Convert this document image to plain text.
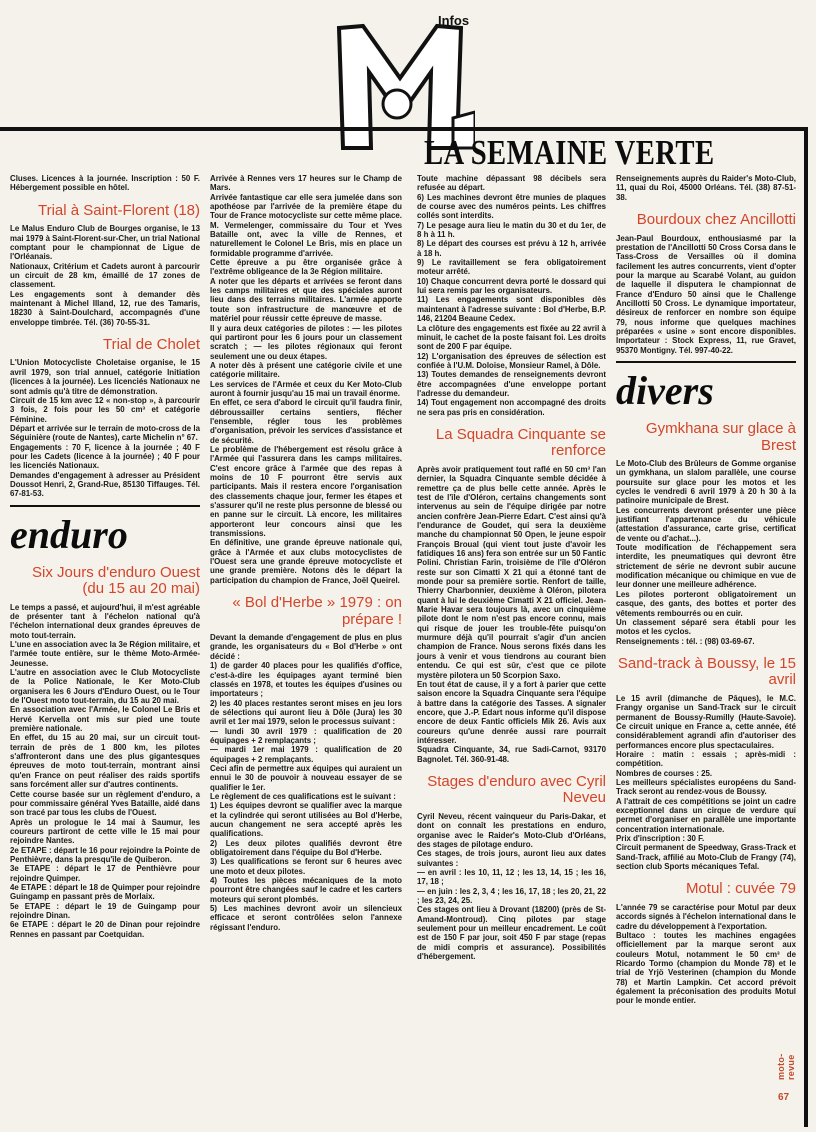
Infos
LA SEMAINE VERTE

Cluses. Licences à la journée. Inscription : 50 F. Hébergement possible en hôtel.

Trial à Saint-Florent (18)

Le Malus Enduro Club de Bourges organise, le 13 mai 1979 à Saint-Florent-sur-Cher, un trial National comptant pour le championnat de Ligue de l'Orléanais.

Nationaux, Critérium et Cadets auront à parcourir un circuit de 28 km, émaillé de 17 zones de classement.

Les engagements sont à demander dès maintenant à Michel Illand, 12, rue des Tamaris, 18230 à Saint-Doulchard, accompagnés d'une enveloppe timbrée. Tél. (36) 70-55-31.

Trial de Cholet

L'Union Motocycliste Choletaise organise, le 15 avril 1979, son trial annuel, catégorie Initiation (licences à la journée). Les licenciés Nationaux ne sont admis qu'à titre de démonstration.

Circuit de 15 km avec 12 « non-stop », à parcourir 3 fois, 2 fois pour les 50 cm³ et catégorie Féminine.

Départ et arrivée sur le terrain de moto-cross de la Séguinière (route de Nantes), carte Michelin n° 67.

Engagements : 70 F, licence à la journée ; 40 F pour les Cadets (licence à la journée) ; 40 F pour les licenciés Nationaux.

Demandes d'engagement à adresser au Président Doussot Henri, 2, Grand-Rue, 85130 Tiffauges. Tél. 67-81-53.

enduro
Six Jours d'enduro Ouest (du 15 au 20 mai)

Le temps a passé, et aujourd'hui, il m'est agréable de présenter tant à l'échelon national qu'à l'échelon international deux grandes épreuves de moto tout-terrain.

L'une en association avec la 3e Région militaire, et l'armée toute entière, sur le thème Moto-Armée-Jeunesse.

L'autre en association avec le Club Motocycliste de la Police Nationale, le Ker Moto-Club organisera les 6 Jours d'Enduro Ouest, ou le Tour de l'Ouest moto tout-terrain, du 15 au 20 mai.

En association avec l'Armée, le Colonel Le Bris et Hervé Kervella ont mis sur pied une toute première nationale.

En effet, du 15 au 20 mai, sur un circuit tout-terrain de près de 1 800 km, les pilotes s'affronteront dans une des plus gigantesques épreuves de moto tout-terrain, montrant ainsi qu'en France on peut réaliser des raids sportifs sans forcément aller sur d'autres continents.

Cette course basée sur un règlement d'enduro, a pour commissaire général Yves Bataille, aidé dans son tracé par tous les clubs de l'Ouest.

Après un prologue le 14 mai à Saumur, les coureurs partiront de cette ville le 15 mai pour rejoindre Nantes.

2e ETAPE : départ le 16 pour rejoindre la Pointe de Penthièvre, dans la presqu'île de Quiberon.

3e ETAPE : départ le 17 de Penthièvre pour rejoindre Quimper.

4e ETAPE : départ le 18 de Quimper pour rejoindre Guingamp en passant près de Morlaix.

5e ETAPE : départ le 19 de Guingamp pour rejoindre Dinan.

6e ETAPE : départ le 20 de Dinan pour rejoindre Rennes en passant par Coetquidan.

Arrivée à Rennes vers 17 heures sur le Champ de Mars.

Arrivée fantastique car elle sera jumelée dans son apothéose par l'arrivée de la première étape du Tour de France motocycliste sur cette même place. M. Vermelenger, commissaire du Tour et Yves Bataille ont, avec la ville de Rennes, et naturellement le Colonel Le Bris, mis en place un formidable programme d'arrivée.

Cette épreuve a pu être organisée grâce à l'extrême obligeance de la 3e Région militaire.

A noter que les départs et arrivées se feront dans les camps militaires et que des spéciales auront lieu dans des terrains militaires. L'armée apporte toute son infrastructure de manœuvre et de matériel pour réussir cette épreuve de masse.

Il y aura deux catégories de pilotes : — les pilotes qui partiront pour les 6 jours pour un classement scratch ; — les pilotes régionaux qui feront seulement une ou deux étapes.

A noter dès à présent une catégorie civile et une catégorie militaire.

Les services de l'Armée et ceux du Ker Moto-Club auront à fournir jusqu'au 15 mai un travail énorme.

En effet, ce sera d'abord le circuit qu'il faudra finir, débroussailler certains sentiers, flécher l'ensemble, régler tous les problèmes d'organisation, prévoir les services d'assistance et de sécurité.

Le problème de l'hébergement est résolu grâce à l'Armée qui l'assurera dans les camps militaires. C'est encore grâce à l'armée que des repas à moins de 10 F pourront être servis aux participants. Mais il restera encore l'organisation des classements chaque jour, fermer les étapes et s'assurer qu'il ne reste plus personne de blessé ou en panne sur le circuit. Là encore, les militaires apporteront leur concours ainsi que les transmissions.

En définitive, une grande épreuve nationale qui, grâce à l'Armée et aux clubs motocyclistes de l'Ouest sera une grande épreuve motocycliste et une grande première. Notons dès le départ la participation du champion de France, Joël Queirel.

« Bol d'Herbe » 1979 : on prépare !

Devant la demande d'engagement de plus en plus grande, les organisateurs du « Bol d'Herbe » ont décidé :

1) de garder 40 places pour les qualifiés d'office, c'est-à-dire les équipages ayant terminé bien classés en 1978, et toutes les équipes d'usines ou importateurs ;

2) les 40 places restantes seront mises en jeu lors de sélections qui auront lieu à Dôle (Jura) les 30 avril et 1er mai 1979, selon le processus suivant :

— lundi 30 avril 1979 : qualification de 20 équipages + 2 remplaçants ;

— mardi 1er mai 1979 : qualification de 20 équipages + 2 remplaçants.

Ceci afin de permettre aux équipes qui auraient un ennui le 30 de pouvoir à nouveau essayer de se qualifier le 1er.

Le règlement de ces qualifications est le suivant :

1) Les équipes devront se qualifier avec la marque et la cylindrée qui seront utilisées au Bol d'Herbe, aucun changement ne sera accepté après les qualifications.

2) Les deux pilotes qualifiés devront être obligatoirement dans l'équipe du Bol d'Herbe.

3) Les qualifications se feront sur 6 heures avec une moto et deux pilotes.

4) Toutes les pièces mécaniques de la moto pourront être changées sauf le cadre et les carters moteurs qui seront plombés.

5) Les machines devront avoir un silencieux efficace et seront contrôlées selon l'annexe régissant l'enduro.

Toute machine dépassant 98 décibels sera refusée au départ.

6) Les machines devront être munies de plaques de course avec des numéros peints. Les chiffres collés sont interdits.

7) Le pesage aura lieu le matin du 30 et du 1er, de 8 h à 11 h.

8) Le départ des courses est prévu à 12 h, arrivée à 18 h.

9) Le ravitaillement se fera obligatoirement moteur arrêté.

10) Chaque concurrent devra porté le dossard qui lui sera remis par les organisateurs.

11) Les engagements sont disponibles dès maintenant à l'adresse suivante : Bol d'Herbe, B.P. 146, 21204 Beaune Cedex.

La clôture des engagements est fixée au 22 avril à minuit, le cachet de la poste faisant foi. Les droits sont de 200 F par équipe.

12) L'organisation des épreuves de sélection est confiée à l'U.M. Doloise, Monsieur Ramel, à Dôle.

13) Toutes demandes de renseignements devront être accompagnées d'une enveloppe portant l'adresse du demandeur.

14) Tout engagement non accompagné des droits ne sera pas pris en considération.

La Squadra Cinquante se renforce

Après avoir pratiquement tout raflé en 50 cm³ l'an dernier, la Squadra Cinquante semble décidée à remettre ça de plus belle cette année. Après le test de l'île d'Oléron, certains changements sont intervenus au sein de l'équipe dirigée par notre ancien confrère Jean-Pierre Edart. C'est ainsi qu'à l'endurance de Goudet, qui sera la deuxième manche du championnat 50 Open, le jeune espoir François Broual (qui vient tout juste d'avoir les fatidiques 16 ans) fera son entrée sur un 50 Fantic Polini. Christian Farin, troisième de l'île d'Oléron reste sur son Cimatti X 21 qui a étonné tant de monde pour sa première sortie. Renfort de taille, Thierry Charbonnier, deuxième à Oléron, pilotera quant à lui le deuxième Cimatti X 21 officiel. Jean-Marie Havar sera toujours là, avec un cinquième pilote dont le nom n'est pas encore connu, mais qui risque de jouer les trouble-fête puisqu'on murmure déjà qu'il pourrait s'agir d'un ancien champion de France. Nous serons fixés dans les jours à venir et vous tiendrons au courant bien entendu. Ce qui est sûr, c'est que ce pilote mystère pilotera un 50 Scorpion Saxo.

En tout état de cause, il y a fort à parier que cette saison encore la Squadra Cinquante sera l'équipe à battre dans la catégorie des Tasses. A signaler encore, que J.-P. Edart nous informe qu'il dispose encore de deux Fantic officiels Mik 26. Avis aux coureurs qu'une denrée aussi rare pourrait intéresser.

Squadra Cinquante, 34, rue Sadi-Carnot, 93170 Bagnolet. Tél. 360-91-48.

Stages d'enduro avec Cyril Neveu

Cyril Neveu, récent vainqueur du Paris-Dakar, et dont on connaît les prestations en enduro, organise avec le Raider's Moto-Club d'Orléans, des stages de pilotage enduro.

Ces stages, de trois jours, auront lieu aux dates suivantes :

— en avril : les 10, 11, 12 ; les 13, 14, 15 ; les 16, 17, 18 ;

— en juin : les 2, 3, 4 ; les 16, 17, 18 ; les 20, 21, 22 ; les 23, 24, 25.

Ces stages ont lieu à Drovant (18200) (près de St-Amand-Montroud). Cinq pilotes par stage seulement pour un meilleur encadrement. Le coût est de 150 F par jour, soit 450 F par stage (repas de midi compris et assurance). Possibilités d'hébergement.

Renseignements auprès du Raider's Moto-Club, 11, quai du Roi, 45000 Orléans. Tél. (38) 87-51-38.

Bourdoux chez Ancillotti

Jean-Paul Bourdoux, enthousiasmé par la prestation de l'Ancillotti 50 Cross Corsa dans le Tass-Cross de Versailles où il domina facilement les autres concurrents, vient d'opter pour la marque au Scarabé Volant, au guidon de laquelle il disputera le championnat de France d'Enduro 50 ainsi que le Challenge Ancillotti 50 Cross. Le dynamique importateur, désireux de renforcer en nombre son équipe 79, nous informe que quelques machines préparées « usine » sont encore disponibles. Importateur : Stock Express, 11, rue Gravet, 95370 Montigny. Tél. 997-40-22.

divers
Gymkhana sur glace à Brest

Le Moto-Club des Brûleurs de Gomme organise un gymkhana, un slalom parallèle, une course poursuite sur glace pour les motos et les cycles le vendredi 6 avril 1979 à 20 h 30 à la patinoire municipale de Brest.

Les concurrents devront présenter une pièce justifiant l'appartenance du véhicule (attestation d'assurance, carte grise, certificat de vente ou d'achat...).

Toute modification de l'échappement sera interdite, les pneumatiques qui devront être strictement de série ne devront subir aucune modification mécanique ou chimique en vue de leur donner une meilleure adhérence.

Les pilotes porteront obligatoirement un casque, des gants, des bottes et porter des vêtements rembourrés ou en cuir.

Un classement séparé sera établi pour les motos et les cyclos.

Renseignements : tél. : (98) 03-69-67.

Sand-track à Boussy, le 15 avril

Le 15 avril (dimanche de Pâques), le M.C. Frangy organise un Sand-Track sur le circuit permanent de Boussy-Rumilly (Haute-Savoie). Ce circuit unique en France a, cette année, été considérablement agrandi afin d'autoriser des performances encore plus spectaculaires.

Horaire : matin : essais ; après-midi : compétition.

Nombres de courses : 25.

Les meilleurs spécialistes européens du Sand-Track seront au rendez-vous de Boussy.

A l'attrait de ces compétitions se joint un cadre exceptionnel dans un cirque de verdure qui permet d'organiser en parallèle une importante concentration internationale.

Prix d'inscription : 30 F.

Circuit permanent de Speedway, Grass-Track et Sand-Track, affilié au Moto-Club de Frangy (74), section club Sports mécaniques Tefal.

Motul : cuvée 79

L'année 79 se caractérise pour Motul par deux accords signés à l'échelon international dans le cadre du développement à l'exportation.

Bultaco : toutes les machines engagées officiellement par la marque seront aux couleurs Motul, notamment le 50 cm³ de Ricardo Tormo (champion du Monde 78) et le trial de Yrjö Vesterinen (champion du Monde 78) et Martin Lampkin. Cet accord prévoit également la préconisation des produits Motul pour le monde entier.

moto-revue
67
